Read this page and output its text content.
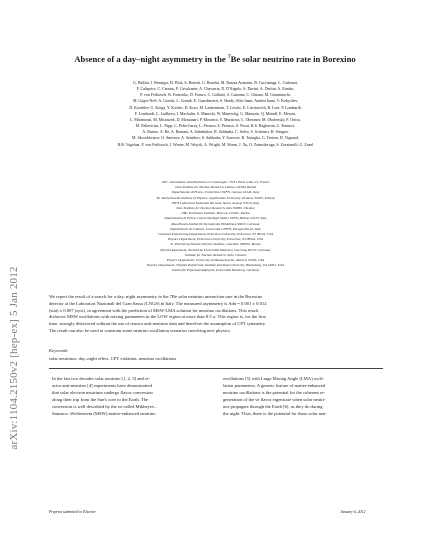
arXiv:1104.2150v2 [hep-ex] 5 Jan 2012
Absence of a day–night asymmetry in the $^7$Be solar neutrino rate in Borexino
G. Bellini, J. Benziger, D. Bick, S. Bonetti, G. Bonfini, M. Buizza Avanzini, B. Caccianiga, L. Cadonati,
F. Calaprice, C. Carraro, P. Cavalcante, A. Chavarria, D. D'Angelo, S. Davini, A. Derbin, A. Etenko,
F. von Feilitzsch, K. Fomenko, D. Franco, C. Galbiati, S. Gazzana, C. Ghiano, M. Giammarchi,
M. Göger-Neff, A. Goretti, L. Grandi, E. Guardincerri, S. Hardy, Aldo Ianni, Andrea Ianni, V. Kobychev,
D. Korablev, G. Korga, Y. Koshio, D. Kryn, M. Laubenstein, T. Lewke, E. Litvinovich, B. Loer, P. Lombardi,
F. Lombardi, L. Ludhova, I. Machulin, S. Manecki, W. Maneschg, G. Manuzio, Q. Meindl, E. Meroni,
L. Miramonti, M. Misiaszek, D. Montanari, P. Mosteiro, V. Muratova, L. Oberauer, M. Obolensky, F. Ortica,
M. Pallavicini, L. Papp, C. Peña-Garay, L. Perasso, S. Perasso, A. Pocar, R.S. Raghavan, G. Ranucci,
A. Razeto, A. Re, A. Romani, A. Sabelnikov, R. Saldanha, C. Salvo, S. Schönert, H. Simgen,
M. Skorokhvatov, O. Smirnov, A. Sotnikov, S. Sukhotin, Y. Suvorov, R. Tartaglia, G. Testera, D. Vignaud,
R.B. Vogelaar, F. von Feilitzsch, J. Winter, M. Wojcik, A. Wright, M. Wurm, J. Xu, O. Zaimidoroga, S. Zavatarelli, G. Zuzel
APC, Laboratoire AstroParticule et Cosmologie, 75231 Paris cedex 13, France
Joint Institute for Nuclear Research, Dubna 141980, Russia
Dipartimento di Fisica, Università e INFN, Genova 16146, Italy
M. Smoluchowski Institute of Physics, Jagiellonian University, Krakow, 30059, Poland
INFN Laboratori Nazionali del Gran Sasso, Assergi 67010, Italy
Kiev Institute for Nuclear Research, Kiev 06380, Ukraine
NRC Kurchatov Institute, Moscow 123182, Russia
Dipartimento di Fisica, Università degli Studi e INFN, Milano 20133, Italy
Max-Planck-Institut für Kernphysik, Heidelberg 69029, Germany
Dipartimento di Chimica, Università e INFN, Perugia 06123, Italy
Chemical Engineering Department, Princeton University, Princeton, NJ 08544, USA
Physics Department, Princeton University, Princeton, NJ 08544, USA
St. Petersburg Nuclear Physics Institute, Gatchina 188350, Russia
Physik Department, Technische Universität München, Garching 85747, Germany
Institute for Nuclear Research, Kyiv, Ukraine
Physics Department, University of Massachusetts, Amherst 01003, USA
Physics Department, Virginia Polytechnic Institute and State University, Blacksburg, VA 24061, USA
Institut für Experimentalphysik, Universität Hamburg, Germany
We report the result of a search for a day–night asymmetry in the 7Be solar neutrino interaction rate in the Borexino
detector at the Laboratori Nazionali del Gran Sasso (LNGS) in Italy. The measured asymmetry is Adn = 0.001 ± 0.012
(stat) ± 0.007 (syst), in agreement with the prediction of MSW-LMA solution for neutrino oscillations. This result
disfavors MSW oscillations with mixing parameters in the LOW region at more than 8.5 σ. This region is, for the first
time, strongly disfavored without the use of reactor anti-neutrino data and therefore the assumption of CPT symmetry.
The result can also be used to constrain some neutrino oscillation scenarios involving new physics.
Keywords:
solar neutrinos, day–night effect, CPT violation, neutrino oscillations
In the last two decades solar neutrino [1, 2, 3] and re-
actor anti-neutrino [4] experiments have demonstrated
that solar electron neutrinos undergo flavor conversion
along their trip from the Sun's core to the Earth. The
conversion is well described by the so-called Mikheyev–
Smirnov–Wolfenstein (MSW) matter-enhanced neutrino
oscillations [5] with Large Mixing Angle (LMA) oscil-
lation parameters. A generic feature of matter-enhanced
neutrino oscillations is the potential for the coherent re-
generation of the νe flavor eigenstate when solar neutri-
nos propagate through the Earth [6], as they do during
the night. Thus, there is the potential for these solar neu-
Preprint submitted to Elsevier	January 6, 2012
